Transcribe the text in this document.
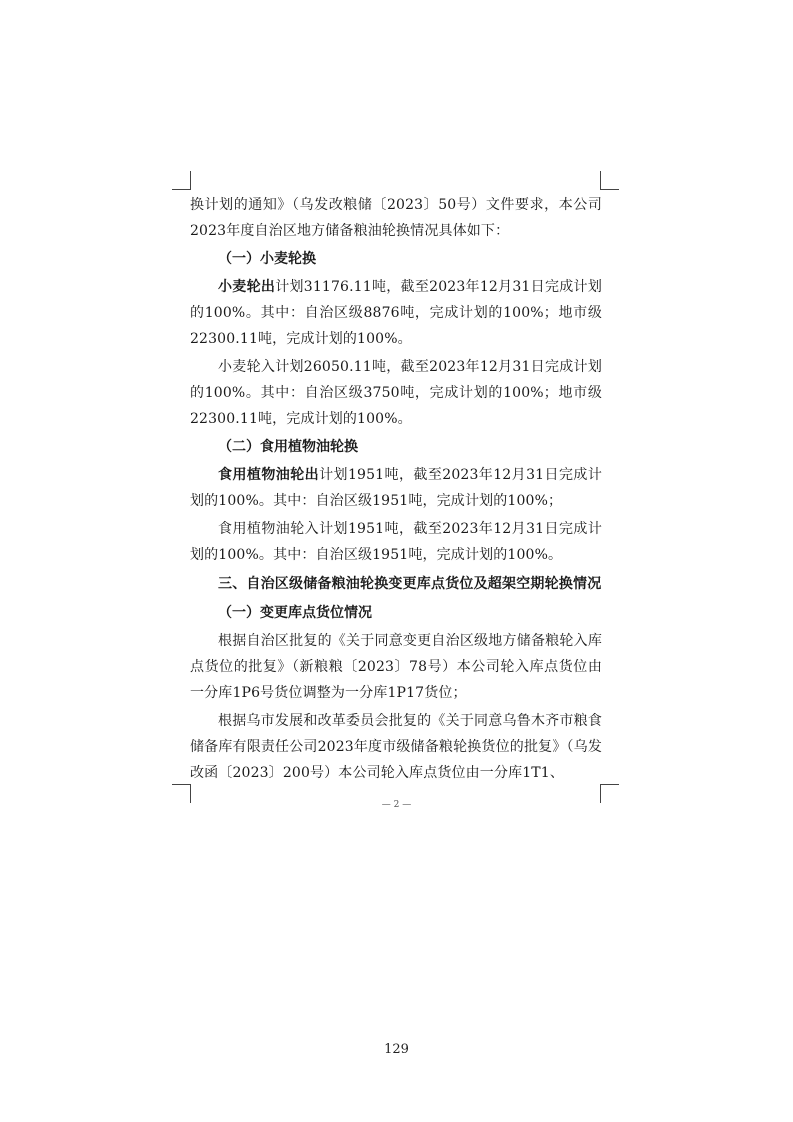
换计划的通知》（乌发改粮储〔2023〕50号）文件要求，本公司2023年度自治区地方储备粮油轮换情况具体如下：

（一）小麦轮换

小麦轮出计划31176.11吨，截至2023年12月31日完成计划的100%。其中：自治区级8876吨，完成计划的100%；地市级22300.11吨，完成计划的100%。

小麦轮入计划26050.11吨，截至2023年12月31日完成计划的100%。其中：自治区级3750吨，完成计划的100%；地市级22300.11吨，完成计划的100%。

（二）食用植物油轮换

食用植物油轮出计划1951吨，截至2023年12月31日完成计划的100%。其中：自治区级1951吨，完成计划的100%；

食用植物油轮入计划1951吨，截至2023年12月31日完成计划的100%。其中：自治区级1951吨，完成计划的100%。

三、自治区级储备粮油轮换变更库点货位及超架空期轮换情况

（一）变更库点货位情况

根据自治区批复的《关于同意变更自治区级地方储备粮轮入库点货位的批复》（新粮粮〔2023〕78号）本公司轮入库点货位由一分库1P6号货位调整为一分库1P17货位；

根据乌市发展和改革委员会批复的《关于同意乌鲁木齐市粮食储备库有限责任公司2023年度市级储备粮轮换货位的批复》（乌发改函〔2023〕200号）本公司轮入库点货位由一分库1T1、

— 2 —
129
